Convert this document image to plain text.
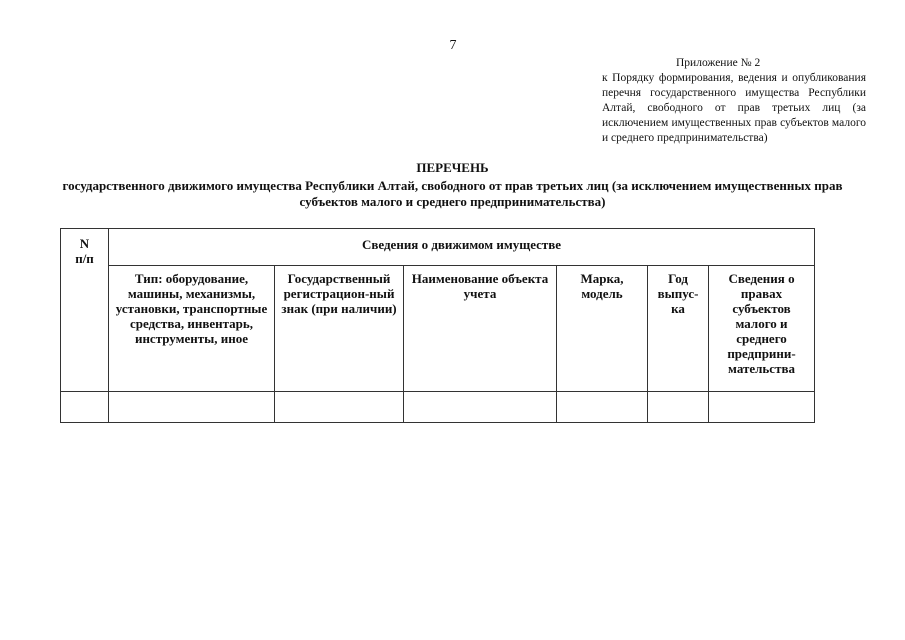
7
Приложение № 2
к Порядку формирования, ведения и опубликования перечня государственного имущества Республики Алтай, свободного от прав третьих лиц (за исключением имущественных прав субъектов малого и среднего предпринимательства)
ПЕРЕЧЕНЬ
государственного движимого имущества Республики Алтай, свободного от прав третьих лиц (за исключением имущественных прав субъектов малого и среднего предпринимательства)
N
п/п	Сведения о движимом имуществе					
	Тип: оборудование, машины, механизмы, установки, транспортные средства, инвентарь, инструменты, иное	Государственный регистрацион-ный знак (при наличии)	Наименование объекта учета	Марка, модель	Год выпус-ка	Сведения о правах субъектов малого и среднего предприни-мательства
